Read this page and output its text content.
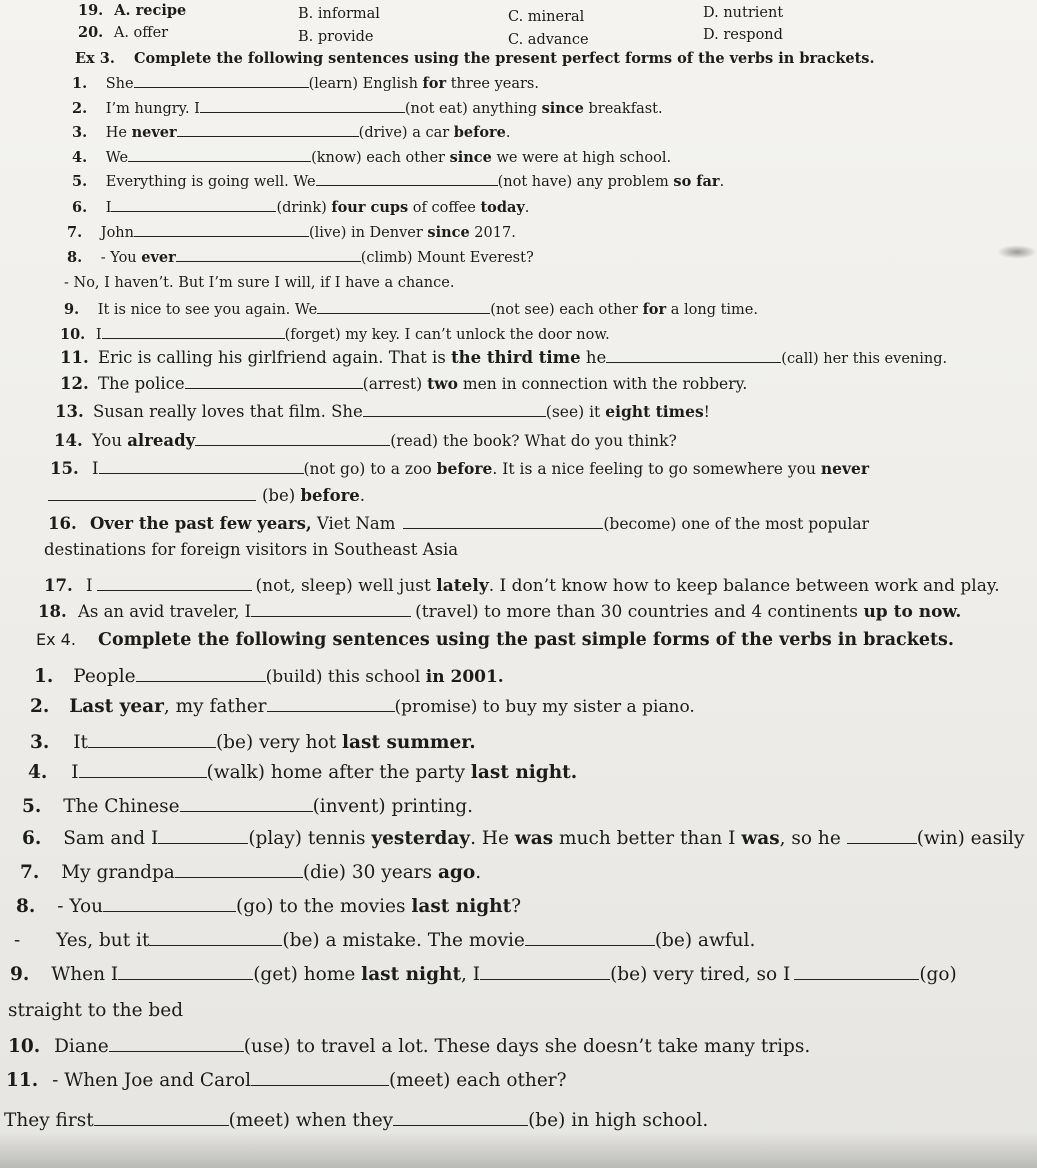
19. A. recipe	B. informal	C. mineral	D. nutrient
20. A. offer	B. provide	C. advance	D. respond
Ex 3. Complete the following sentences using the present perfect forms of the verbs in brackets.
1. She	(learn) English for three years.
2. I’m hungry. I	(not eat) anything since breakfast.
3. He never	(drive) a car before.
4. We	(know) each other since we were at high school.
5. Everything is going well. We	(not have) any problem so far.
6. I	(drink) four cups of coffee today.
7. John	(live) in Denver since 2017.
8. - You ever	(climb) Mount Everest?
- No, I haven’t. But I’m sure I will, if I have a chance.
9. It is nice to see you again. We	(not see) each other for a long time.
10. I	(forget) my key. I can’t unlock the door now.
11. Eric is calling his girlfriend again. That is the third time he	(call) her this evening.
12. The police	(arrest) two men in connection with the robbery.
13. Susan really loves that film. She	(see) it eight times!
14. You already	(read) the book? What do you think?
15. I	(not go) to a zoo before. It is a nice feeling to go somewhere you never
(be) before.
16. Over the past few years, Viet Nam	(become) one of the most popular
destinations for foreign visitors in Southeast Asia
17. I	(not, sleep) well just lately. I don’t know how to keep balance between work and play.
18. As an avid traveler, I	(travel) to more than 30 countries and 4 continents up to now.
Ex 4. Complete the following sentences using the past simple forms of the verbs in brackets.
1. People	(build) this school in 2001.
2. Last year, my father	(promise) to buy my sister a piano.
3. It	(be) very hot last summer.
4. I	(walk) home after the party last night.
5. The Chinese	(invent) printing.
6. Sam and I	(play) tennis yesterday. He was much better than I was, so he	(win) easily
7. My grandpa	(die) 30 years ago.
8. - You	(go) to the movies last night?
- Yes, but it	(be) a mistake. The movie	(be) awful.
9. When I	(get) home last night, I	(be) very tired, so I	(go)
straight to the bed
10. Diane	(use) to travel a lot. These days she doesn’t take many trips.
11. - When Joe and Carol	(meet) each other?
They first	(meet) when they	(be) in high school.
